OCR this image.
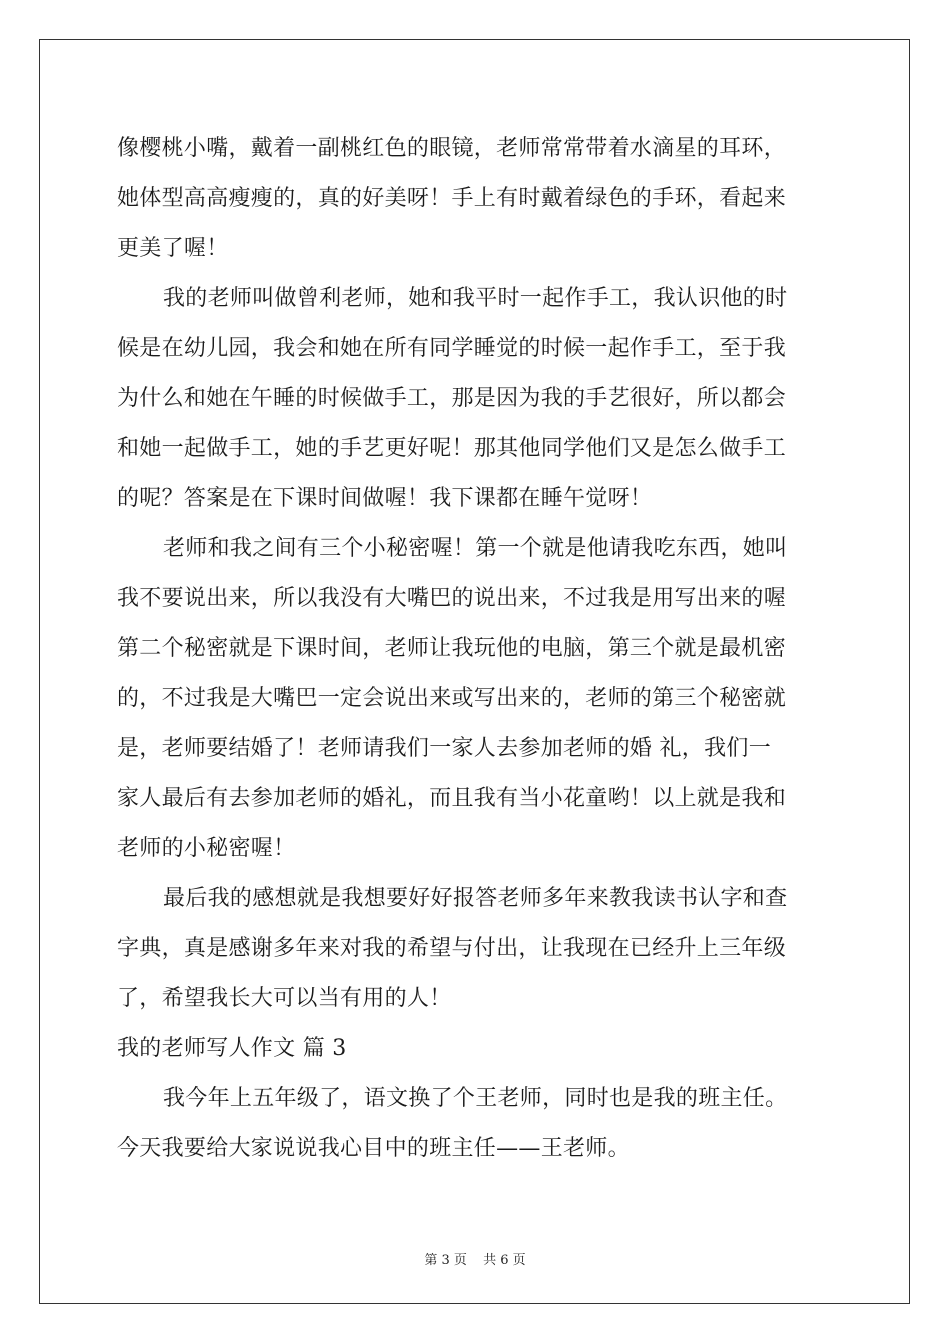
像樱桃小嘴，戴着一副桃红色的眼镜，老师常常带着水滴星的耳环，
她体型高高瘦瘦的，真的好美呀！手上有时戴着绿色的手环，看起来
更美了喔！
我的老师叫做曾利老师，她和我平时一起作手工，我认识他的时
候是在幼儿园，我会和她在所有同学睡觉的时候一起作手工，至于我
为什么和她在午睡的时候做手工，那是因为我的手艺很好，所以都会
和她一起做手工，她的手艺更好呢！那其他同学他们又是怎么做手工
的呢？答案是在下课时间做喔！我下课都在睡午觉呀！
老师和我之间有三个小秘密喔！第一个就是他请我吃东西，她叫
我不要说出来，所以我没有大嘴巴的说出来，不过我是用写出来的喔
第二个秘密就是下课时间，老师让我玩他的电脑，第三个就是最机密
的，不过我是大嘴巴一定会说出来或写出来的，老师的第三个秘密就
是，老师要结婚了！老师请我们一家人去参加老师的婚 礼，我们一
家人最后有去参加老师的婚礼，而且我有当小花童哟！以上就是我和
老师的小秘密喔！
最后我的感想就是我想要好好报答老师多年来教我读书认字和查
字典，真是感谢多年来对我的希望与付出，让我现在已经升上三年级
了，希望我长大可以当有用的人！
我的老师写人作文 篇 3
我今年上五年级了，语文换了个王老师，同时也是我的班主任。
今天我要给大家说说我心目中的班主任——王老师。
第 3 页 共 6 页
